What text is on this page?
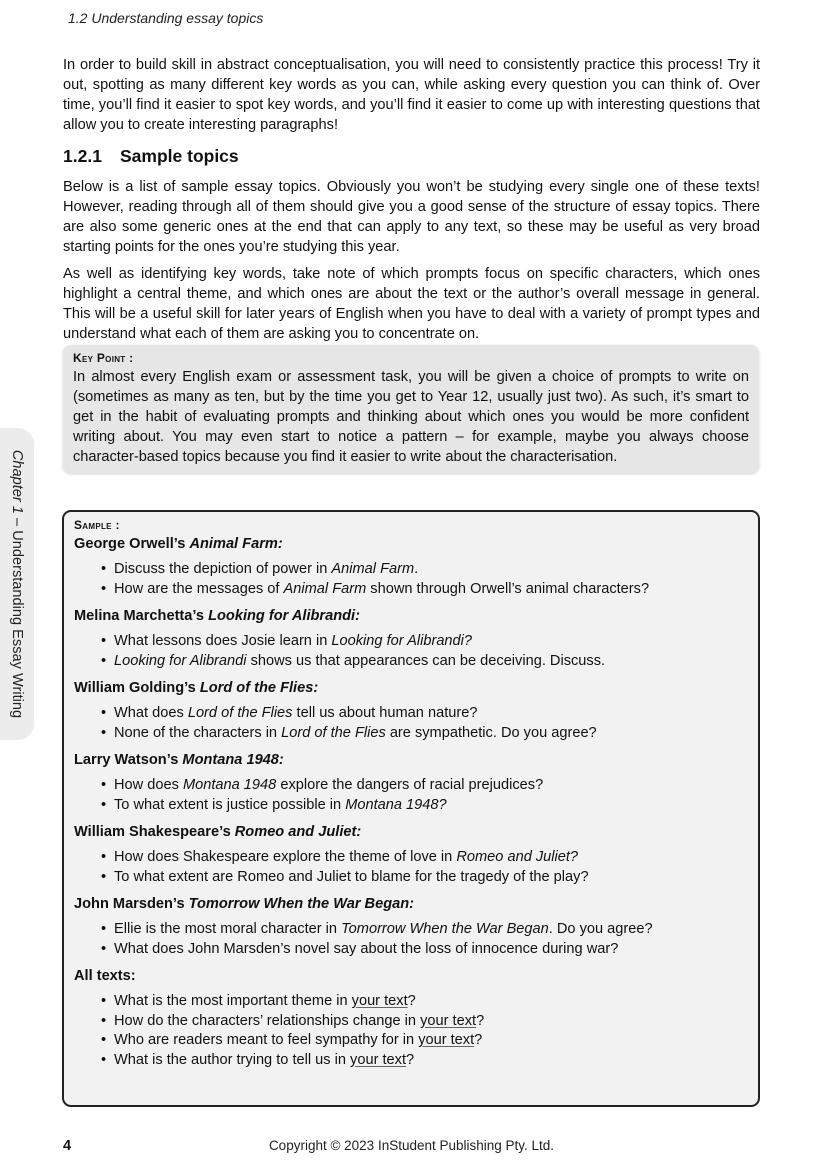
1.2 Understanding essay topics

In order to build skill in abstract conceptualisation, you will need to consistently practice this process! Try it out, spotting as many different key words as you can, while asking every question you can think of. Over time, you’ll find it easier to spot key words, and you’ll find it easier to come up with interesting questions that allow you to create interesting paragraphs!

1.2.1 Sample topics

Below is a list of sample essay topics. Obviously you won’t be studying every single one of these texts! However, reading through all of them should give you a good sense of the structure of essay topics. There are also some generic ones at the end that can apply to any text, so these may be useful as very broad starting points for the ones you’re studying this year.

As well as identifying key words, take note of which prompts focus on specific characters, which ones highlight a central theme, and which ones are about the text or the author’s overall message in general. This will be a useful skill for later years of English when you have to deal with a variety of prompt types and understand what each of them are asking you to concentrate on.

Key Point :

In almost every English exam or assessment task, you will be given a choice of prompts to write on (sometimes as many as ten, but by the time you get to Year 12, usually just two). As such, it’s smart to get in the habit of evaluating prompts and thinking about which ones you would be more confident writing about. You may even start to notice a pattern – for example, maybe you always choose character-based topics because you find it easier to write about the characterisation.

Sample :
George Orwell’s Animal Farm:
• Discuss the depiction of power in Animal Farm.
• How are the messages of Animal Farm shown through Orwell’s animal characters?
Melina Marchetta’s Looking for Alibrandi:
• What lessons does Josie learn in Looking for Alibrandi?
• Looking for Alibrandi shows us that appearances can be deceiving. Discuss.
William Golding’s Lord of the Flies:
• What does Lord of the Flies tell us about human nature?
• None of the characters in Lord of the Flies are sympathetic. Do you agree?
Larry Watson’s Montana 1948:
• How does Montana 1948 explore the dangers of racial prejudices?
• To what extent is justice possible in Montana 1948?
William Shakespeare’s Romeo and Juliet:
• How does Shakespeare explore the theme of love in Romeo and Juliet?
• To what extent are Romeo and Juliet to blame for the tragedy of the play?
John Marsden’s Tomorrow When the War Began:
• Ellie is the most moral character in Tomorrow When the War Began. Do you agree?
• What does John Marsden’s novel say about the loss of innocence during war?
All texts:
• What is the most important theme in your text?
• How do the characters’ relationships change in your text?
• Who are readers meant to feel sympathy for in your text?
• What is the author trying to tell us in your text?
Chapter 1 – Understanding Essay Writing
4	Copyright © 2023 InStudent Publishing Pty. Ltd.
